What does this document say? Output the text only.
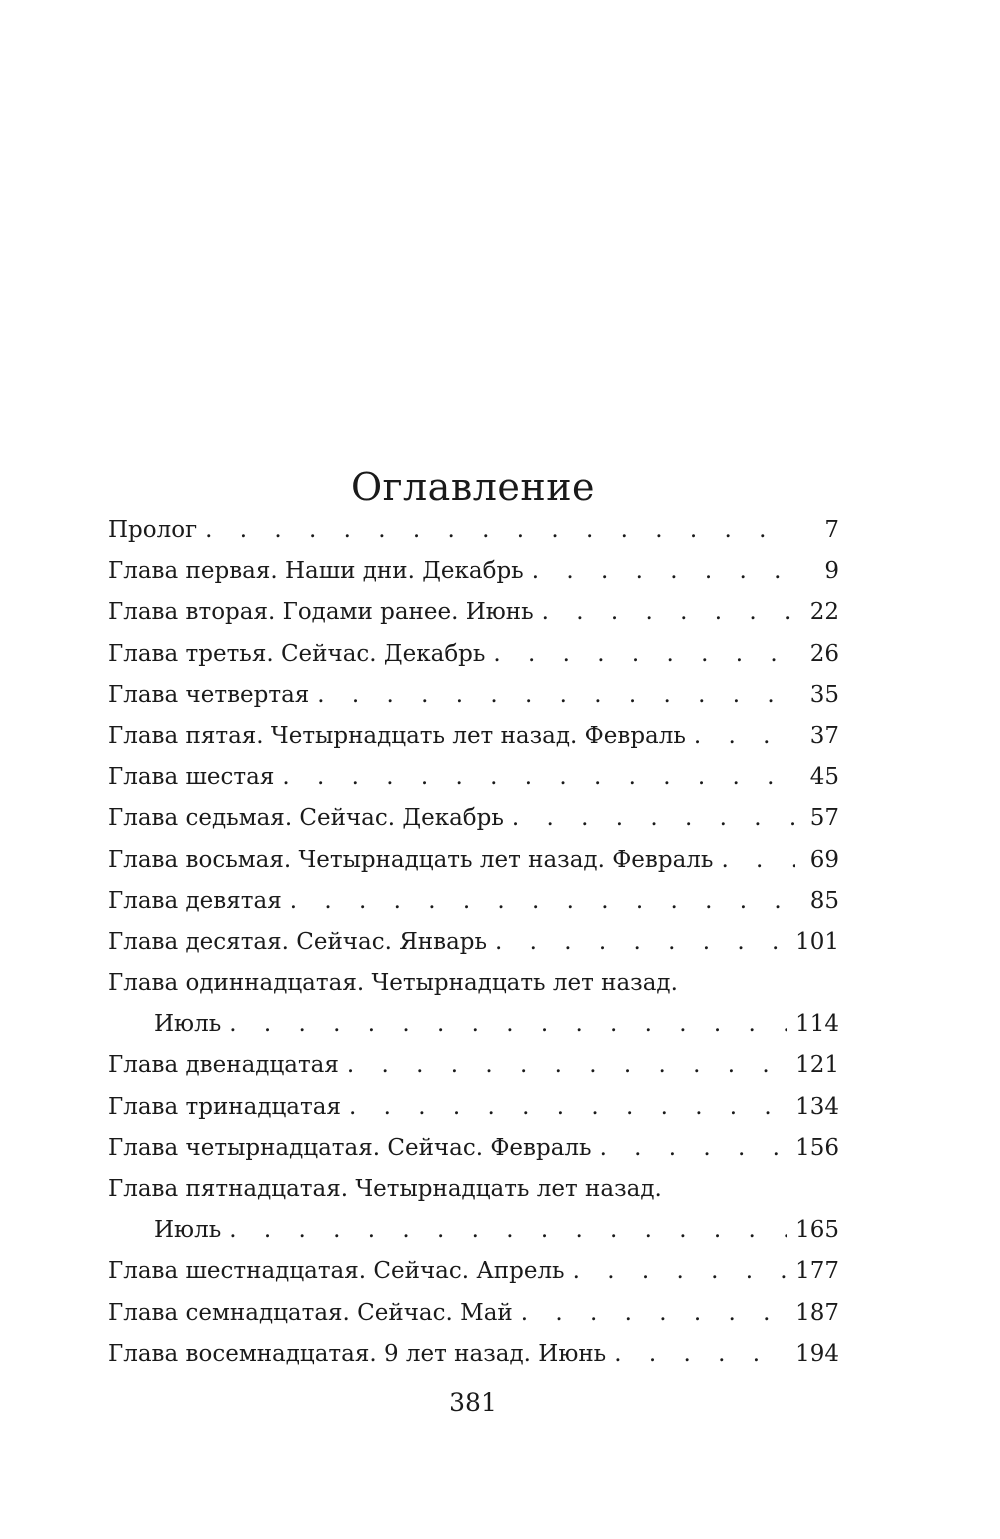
Оглавление
Пролог . . .	7
Глава первая. Наши дни. Декабрь . . .	9
Глава вторая. Годами ранее. Июнь . . .	22
Глава третья. Сейчас. Декабрь . . .	26
Глава четвертая . . .	35
Глава пятая. Четырнадцать лет назад. Февраль . . .	37
Глава шестая . . .	45
Глава седьмая. Сейчас. Декабрь . . .	57
Глава восьмая. Четырнадцать лет назад. Февраль . . .	69
Глава девятая . . .	85
Глава десятая. Сейчас. Январь . . .	101
Глава одиннадцатая. Четырнадцать лет назад.
Июль . . .	114
Глава двенадцатая . . .	121
Глава тринадцатая . . .	134
Глава четырнадцатая. Сейчас. Февраль . . .	156
Глава пятнадцатая. Четырнадцать лет назад.
Июль . . .	165
Глава шестнадцатая. Сейчас. Апрель . . .	177
Глава семнадцатая. Сейчас. Май . . .	187
Глава восемнадцатая. 9 лет назад. Июнь . . .	194
381
